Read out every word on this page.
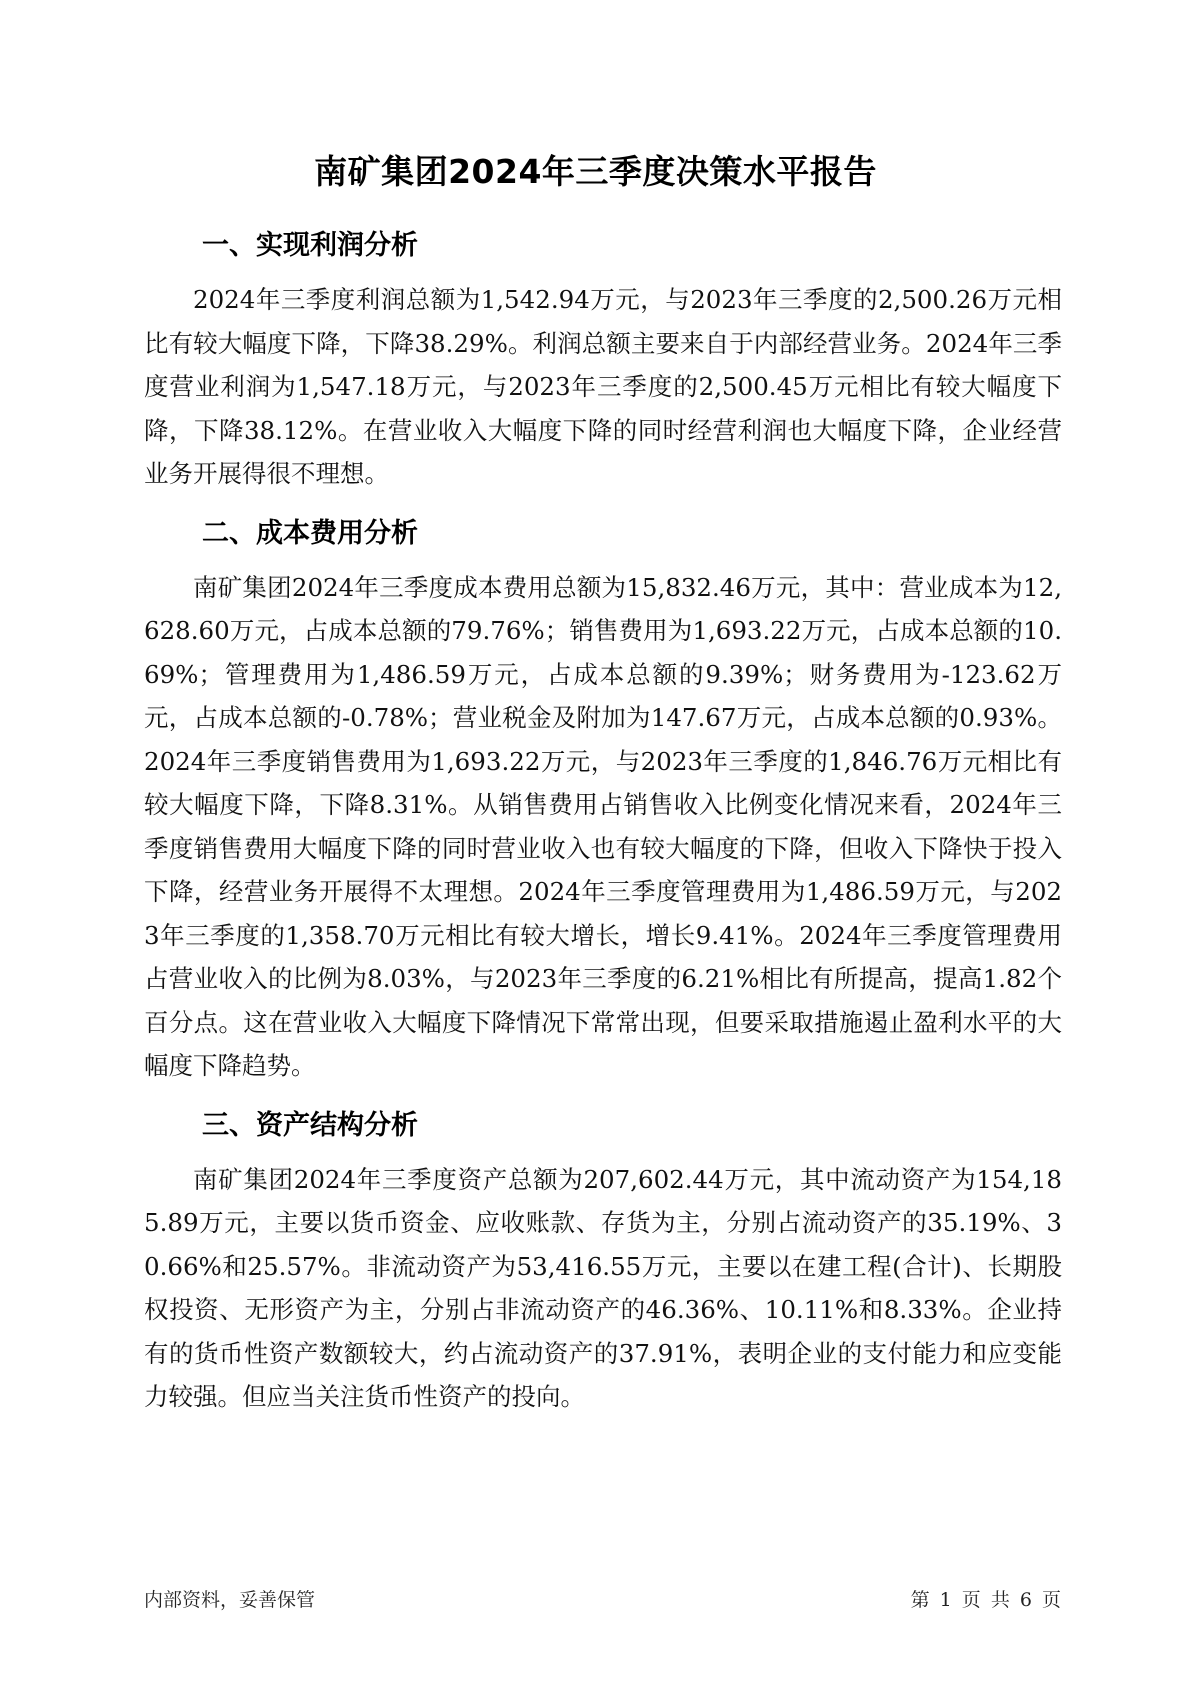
南矿集团2024年三季度决策水平报告
一、实现利润分析

2024年三季度利润总额为1,542.94万元，与2023年三季度的2,500.26万元相比有较大幅度下降，下降38.29%。利润总额主要来自于内部经营业务。2024年三季度营业利润为1,547.18万元，与2023年三季度的2,500.45万元相比有较大幅度下降，下降38.12%。在营业收入大幅度下降的同时经营利润也大幅度下降，企业经营业务开展得很不理想。

二、成本费用分析

南矿集团2024年三季度成本费用总额为15,832.46万元，其中：营业成本为12,628.60万元，占成本总额的79.76%；销售费用为1,693.22万元，占成本总额的10.69%；管理费用为1,486.59万元，占成本总额的9.39%；财务费用为-123.62万元，占成本总额的-0.78%；营业税金及附加为147.67万元，占成本总额的0.93%。2024年三季度销售费用为1,693.22万元，与2023年三季度的1,846.76万元相比有较大幅度下降，下降8.31%。从销售费用占销售收入比例变化情况来看，2024年三季度销售费用大幅度下降的同时营业收入也有较大幅度的下降，但收入下降快于投入下降，经营业务开展得不太理想。2024年三季度管理费用为1,486.59万元，与2023年三季度的1,358.70万元相比有较大增长，增长9.41%。2024年三季度管理费用占营业收入的比例为8.03%，与2023年三季度的6.21%相比有所提高，提高1.82个百分点。这在营业收入大幅度下降情况下常常出现，但要采取措施遏止盈利水平的大幅度下降趋势。

三、资产结构分析

南矿集团2024年三季度资产总额为207,602.44万元，其中流动资产为154,185.89万元，主要以货币资金、应收账款、存货为主，分别占流动资产的35.19%、30.66%和25.57%。非流动资产为53,416.55万元，主要以在建工程(合计)、长期股权投资、无形资产为主，分别占非流动资产的46.36%、10.11%和8.33%。企业持有的货币性资产数额较大，约占流动资产的37.91%，表明企业的支付能力和应变能力较强。但应当关注货币性资产的投向。

内部资料，妥善保管	第 1 页 共 6 页
